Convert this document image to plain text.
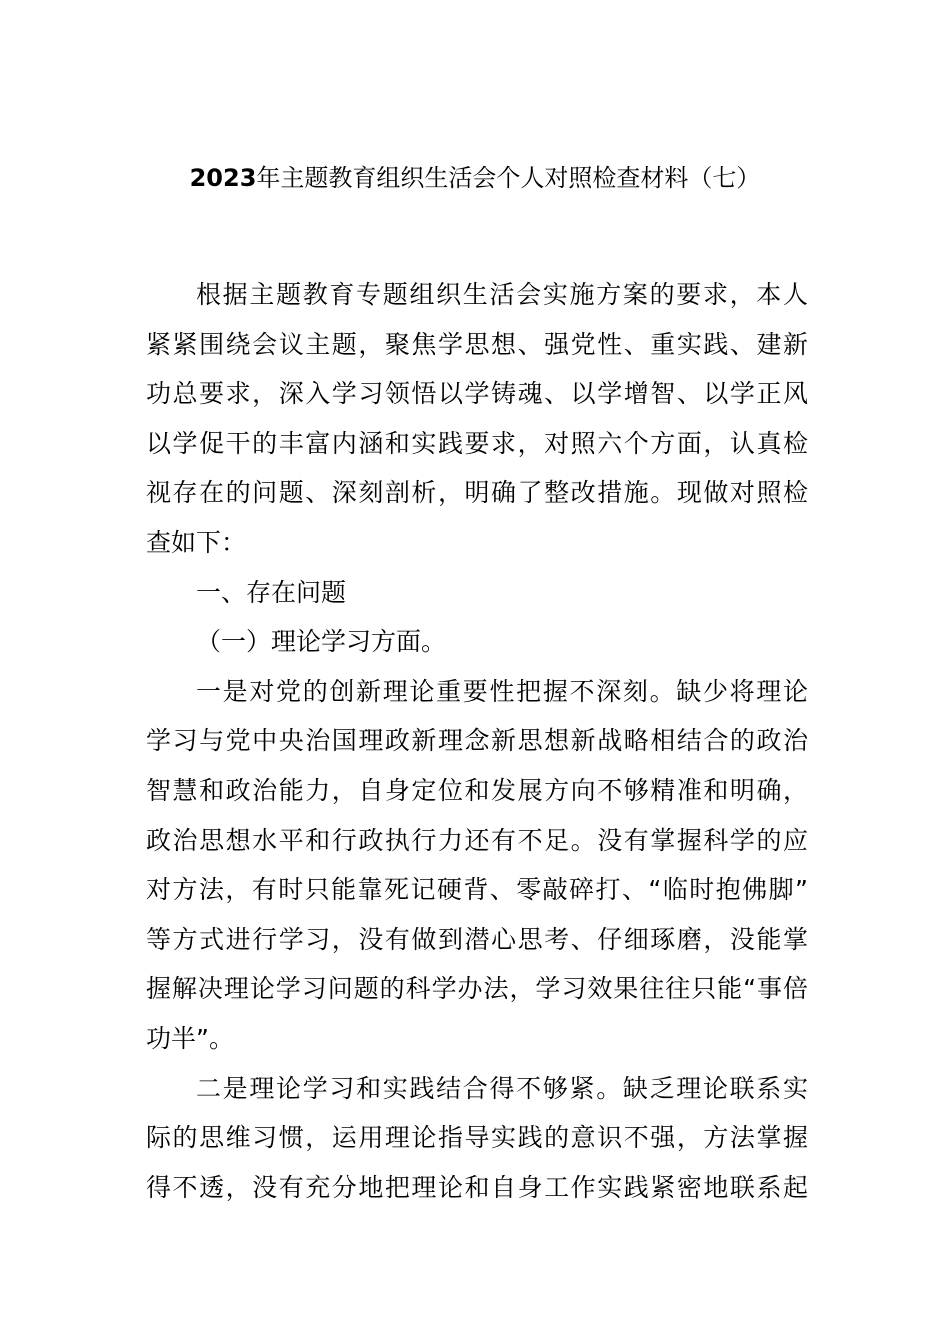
2023年主题教育组织生活会个人对照检查材料（七）
根据主题教育专题组织生活会实施方案的要求，本人
紧紧围绕会议主题，聚焦学思想、强党性、重实践、建新
功总要求，深入学习领悟以学铸魂、以学增智、以学正风
以学促干的丰富内涵和实践要求，对照六个方面，认真检
视存在的问题、深刻剖析，明确了整改措施。现做对照检
查如下：
一、存在问题
（一）理论学习方面。
一是对党的创新理论重要性把握不深刻。缺少将理论
学习与党中央治国理政新理念新思想新战略相结合的政治
智慧和政治能力，自身定位和发展方向不够精准和明确，
政治思想水平和行政执行力还有不足。没有掌握科学的应
对方法，有时只能靠死记硬背、零敲碎打、“临时抱佛脚”
等方式进行学习，没有做到潜心思考、仔细琢磨，没能掌
握解决理论学习问题的科学办法，学习效果往往只能“事倍
功半”。
二是理论学习和实践结合得不够紧。缺乏理论联系实
际的思维习惯，运用理论指导实践的意识不强，方法掌握
得不透，没有充分地把理论和自身工作实践紧密地联系起
